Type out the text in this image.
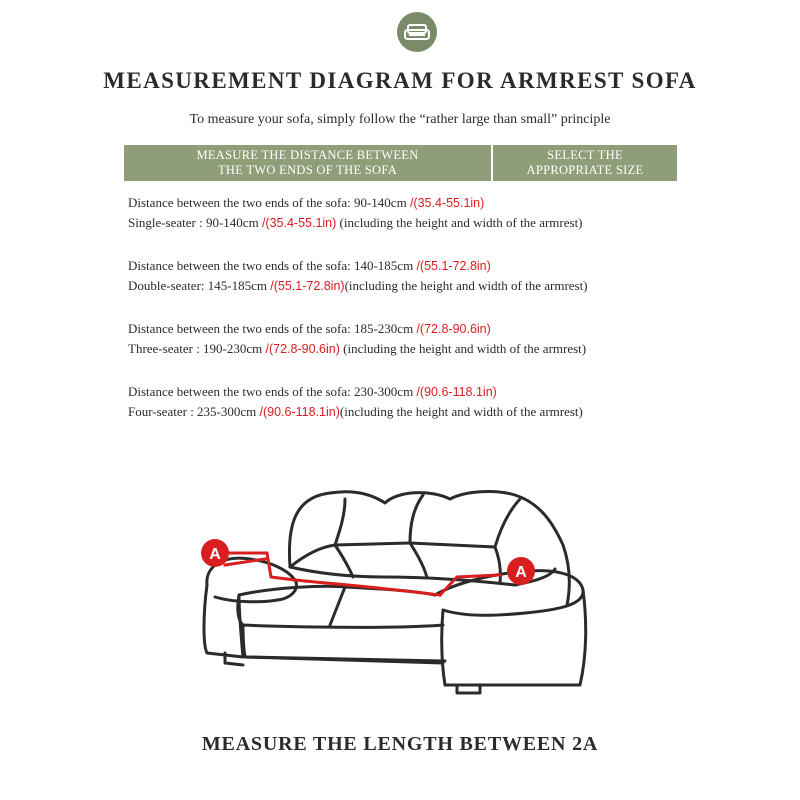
MEASUREMENT DIAGRAM FOR ARMREST SOFA
To measure your sofa, simply follow the “rather large than small” principle
MEASURE THE DISTANCE BETWEEN
THE TWO ENDS OF THE SOFA
SELECT THE
APPROPRIATE SIZE
Distance between the two ends of the sofa: 90-140cm /(35.4-55.1in)
Single-seater : 90-140cm /(35.4-55.1in) (including the height and width of the armrest)
Distance between the two ends of the sofa: 140-185cm /(55.1-72.8in)
Double-seater: 145-185cm /(55.1-72.8in)(including the height and width of the armrest)
Distance between the two ends of the sofa: 185-230cm /(72.8-90.6in)
Three-seater : 190-230cm /(72.8-90.6in) (including the height and width of the armrest)
Distance between the two ends of the sofa: 230-300cm /(90.6-118.1in)
Four-seater : 235-300cm /(90.6-118.1in)(including the height and width of the armrest)
A
A
MEASURE THE LENGTH BETWEEN 2A
